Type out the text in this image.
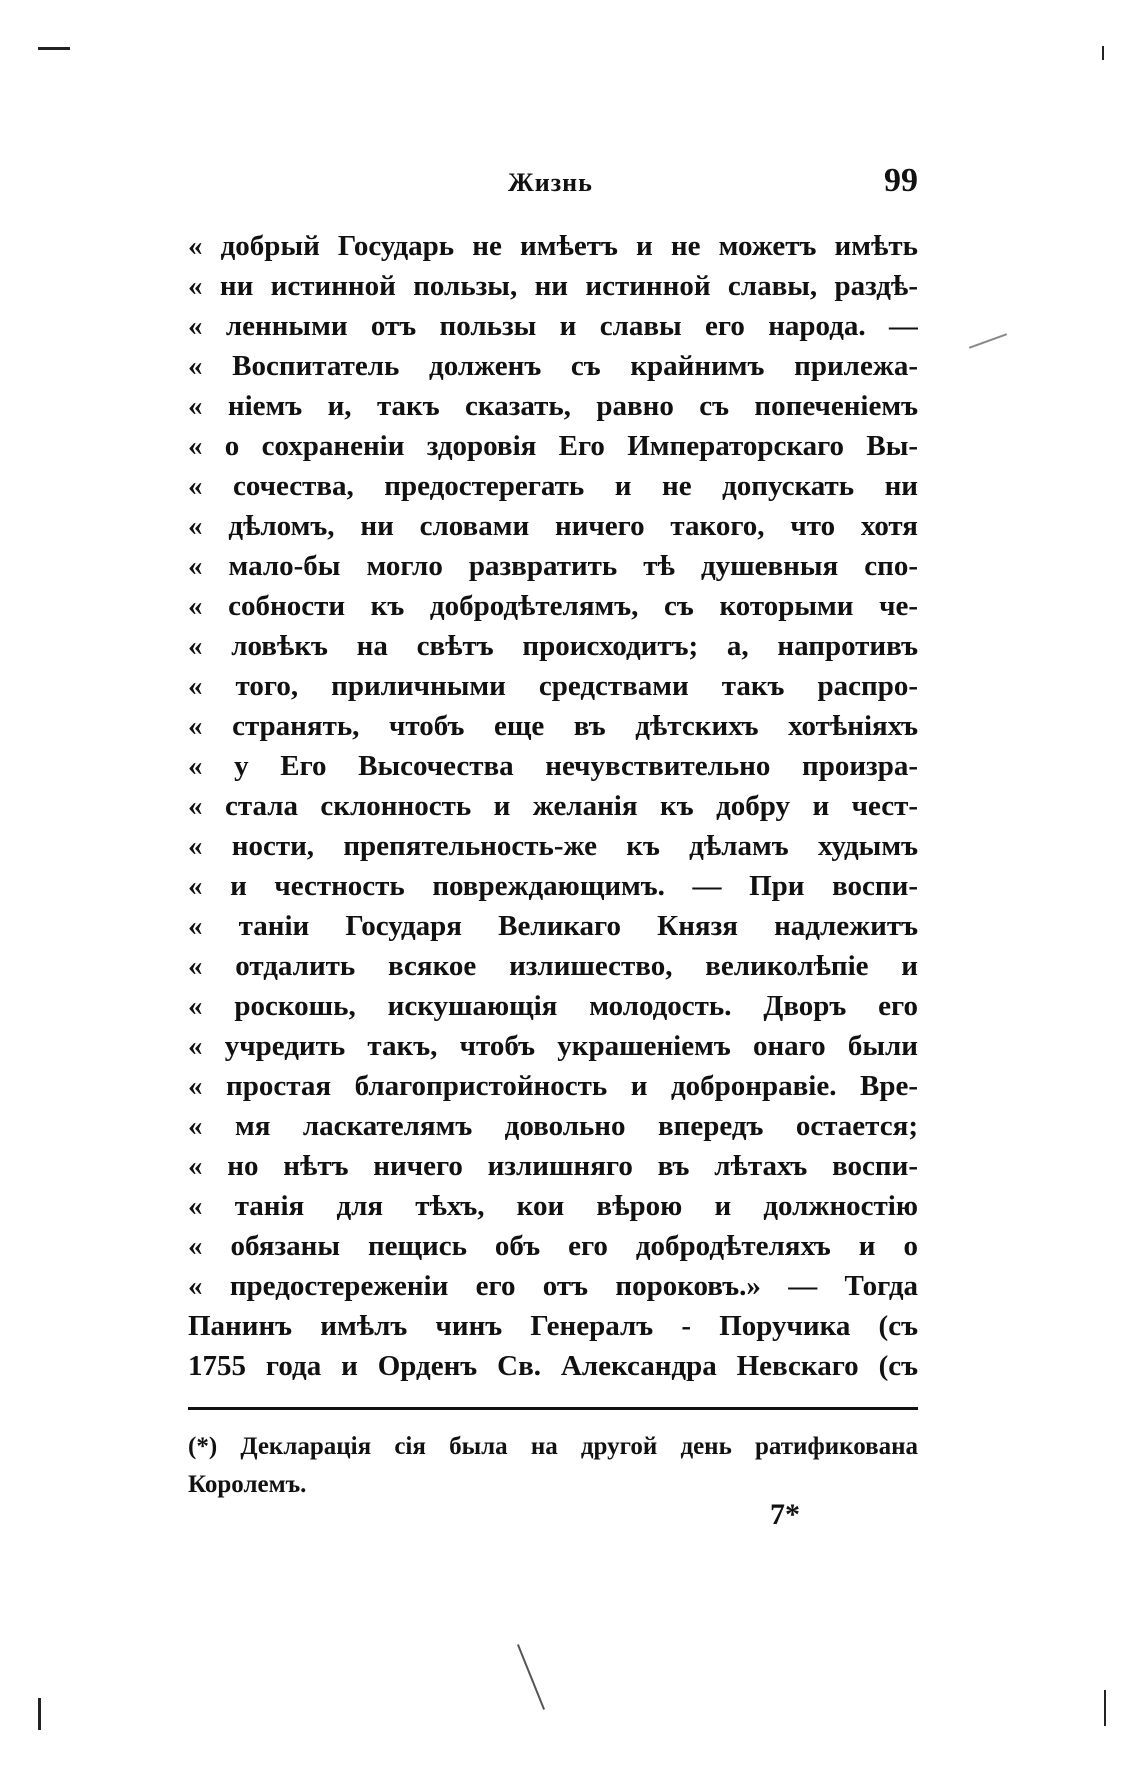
Жизнь	99
« добрый Государь не имѣетъ и не можетъ имѣть
« ни истинной пользы, ни истинной славы, раздѣ-
« ленными отъ пользы и славы его народа. —
« Воспитатель долженъ съ крайнимъ прилежа-
« ніемъ и, такъ сказать, равно съ попеченіемъ
« о сохраненіи здоровія Его Императорскаго Вы-
« сочества, предостерегать и не допускать ни
« дѣломъ, ни словами ничего такого, что хотя
« мало-бы могло развратить тѣ душевныя спо-
« собности къ добродѣтелямъ, съ которыми че-
« ловѣкъ на свѣтъ происходитъ; а, напротивъ
« того, приличными средствами такъ распро-
« странять, чтобъ еще въ дѣтскихъ хотѣніяхъ
« у Его Высочества нечувствительно произра-
« стала склонность и желанія къ добру и чест-
« ности, препятельность-же къ дѣламъ худымъ
« и честность повреждающимъ. — При воспи-
« таніи Государя Великаго Князя надлежитъ
« отдалить всякое излишество, великолѣпіе и
« роскошь, искушающія молодость. Дворъ его
« учредить такъ, чтобъ украшеніемъ онаго были
« простая благопристойность и добронравіе. Вре-
« мя ласкателямъ довольно впередъ остается;
« но нѣтъ ничего излишняго въ лѣтахъ воспи-
« танія для тѣхъ, кои вѣрою и должностію
« обязаны пещись объ его добродѣтеляхъ и о
« предостереженіи его отъ пороковъ.» — Тогда
Панинъ имѣлъ чинъ Генералъ - Поручика (съ
1755 года и Орденъ Св. Александра Невскаго (съ
(*) Декларація сія была на другой день ратификована
Королемъ.
7*
